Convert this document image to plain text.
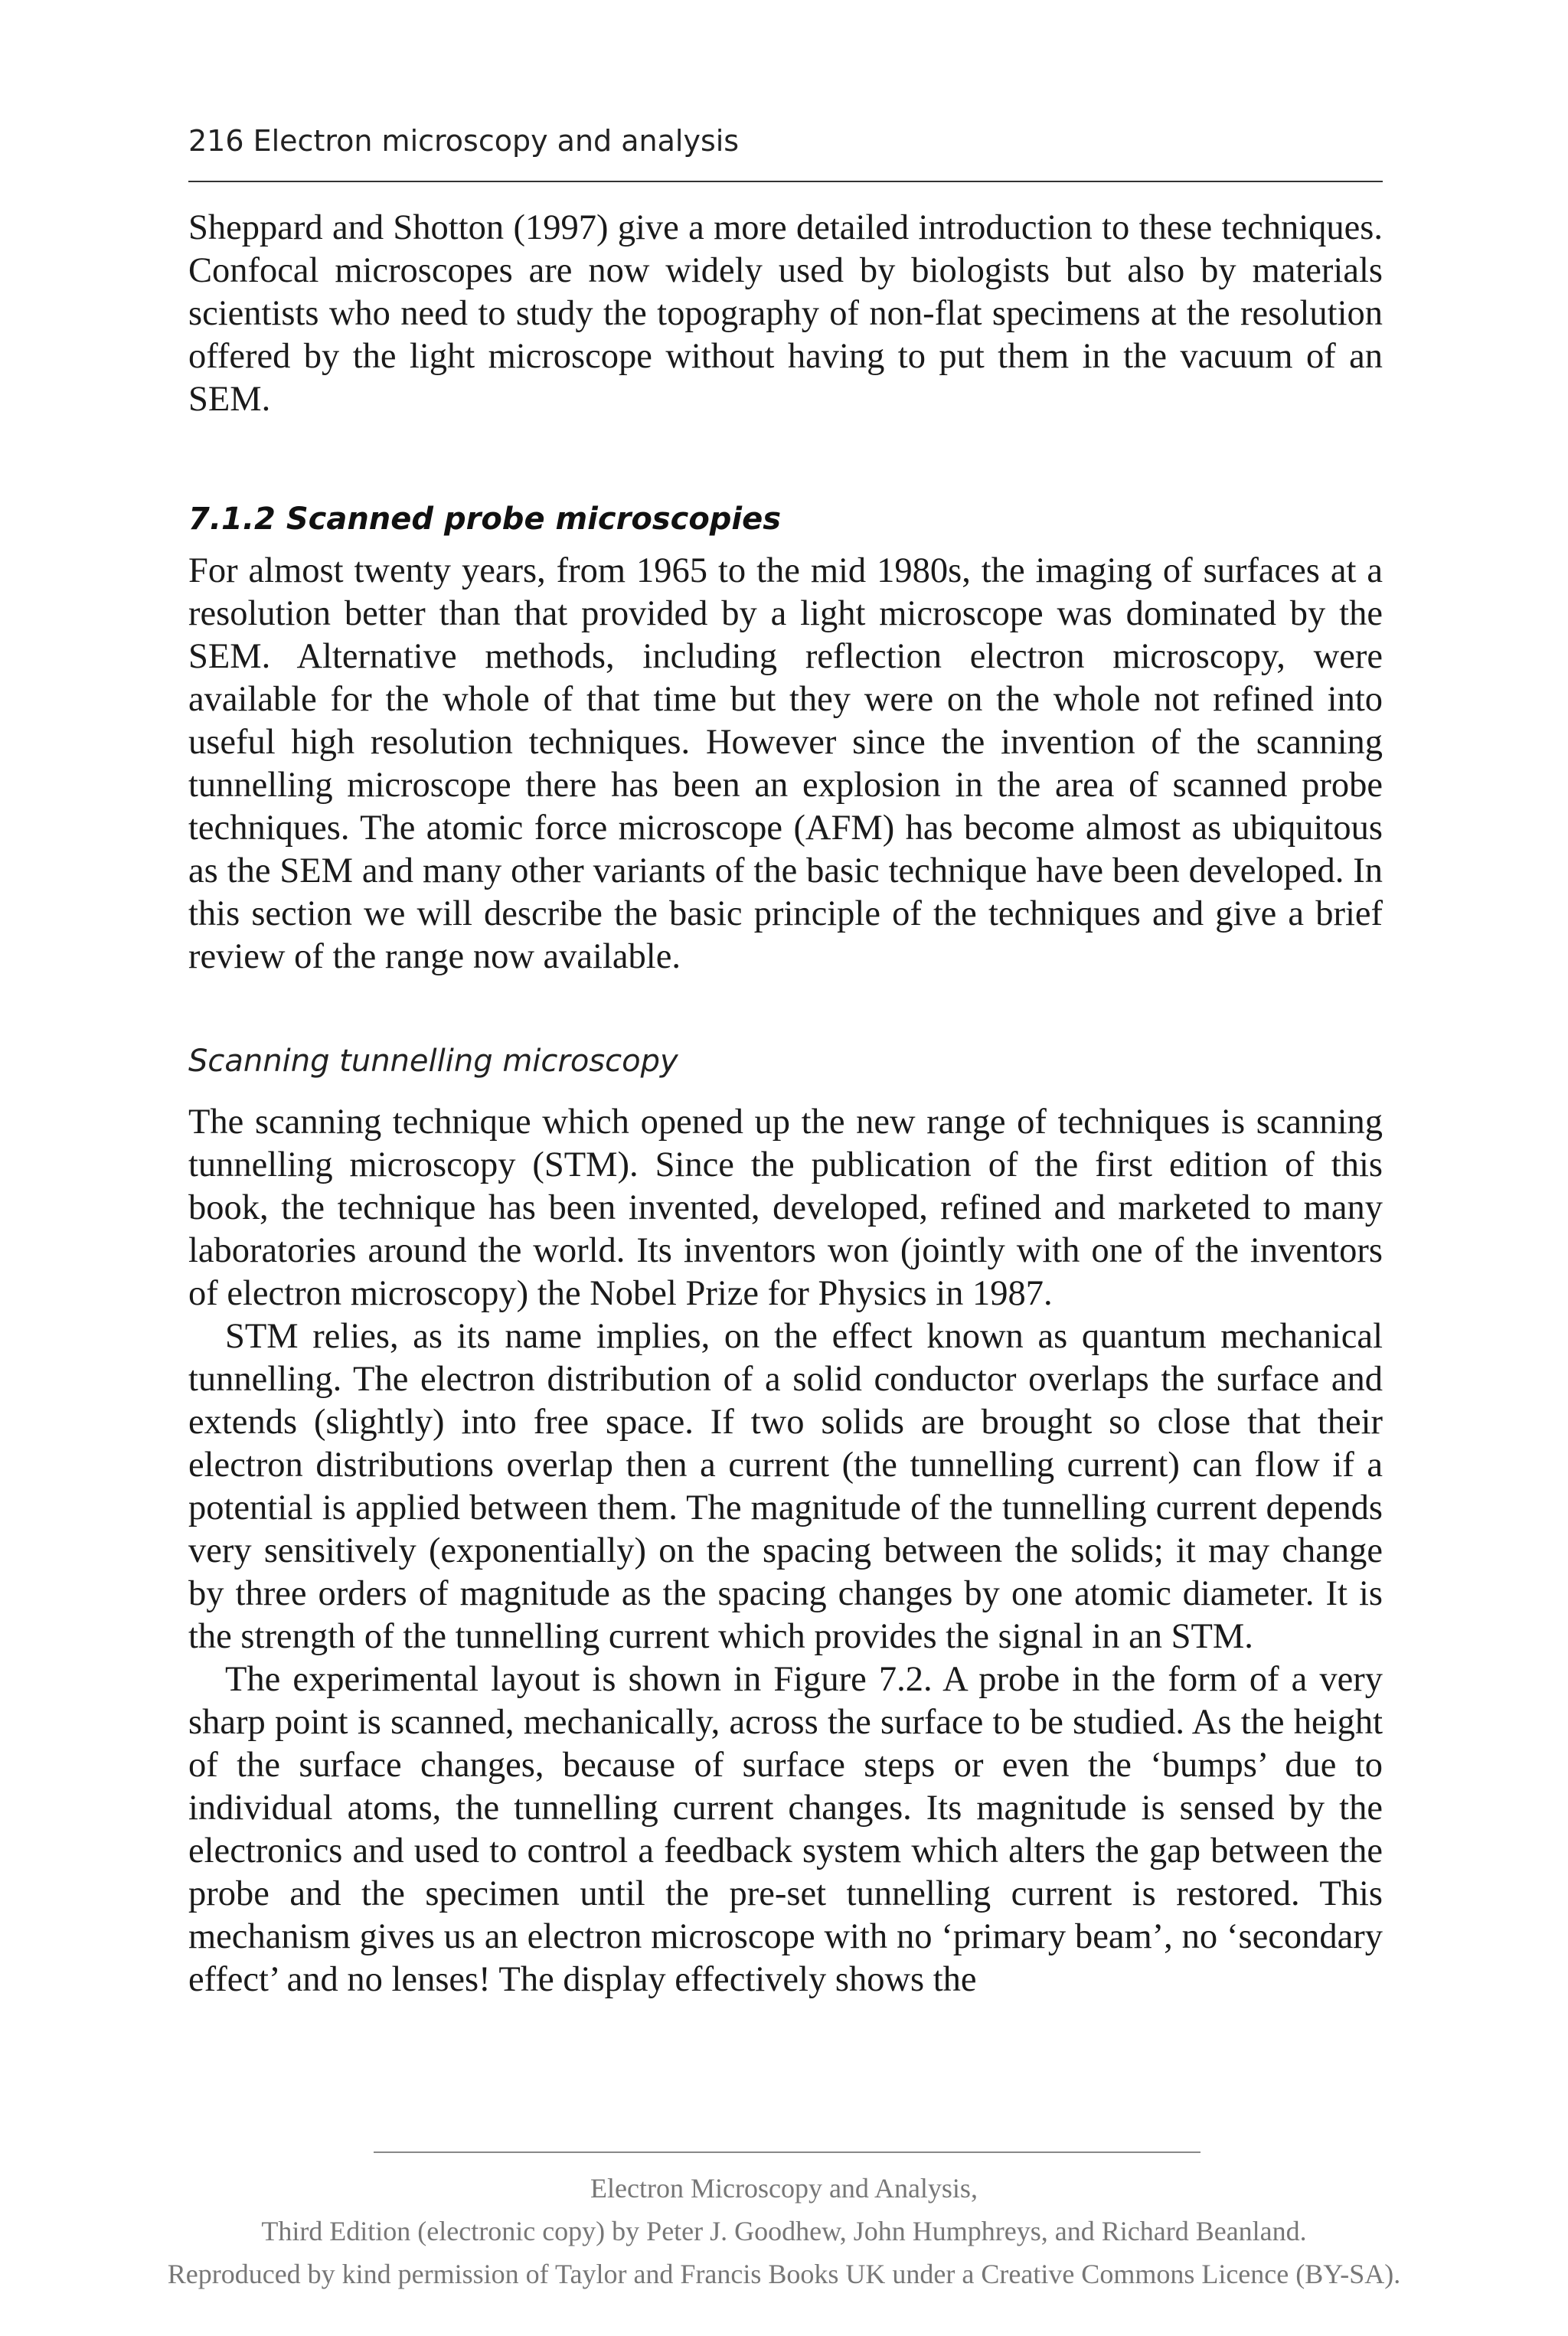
216 Electron microscopy and analysis

Sheppard and Shotton (1997) give a more detailed introduction to these techniques. Confocal microscopes are now widely used by biologists but also by materials scientists who need to study the topography of non-flat specimens at the resolution offered by the light microscope without having to put them in the vacuum of an SEM.

7.1.2 Scanned probe microscopies

For almost twenty years, from 1965 to the mid 1980s, the imaging of surfaces at a resolution better than that provided by a light microscope was dominated by the SEM. Alternative methods, including reflection electron microscopy, were available for the whole of that time but they were on the whole not refined into useful high resolution techniques. However since the invention of the scanning tunnelling microscope there has been an explosion in the area of scanned probe techniques. The atomic force microscope (AFM) has become almost as ubiquitous as the SEM and many other variants of the basic technique have been developed. In this section we will describe the basic principle of the techniques and give a brief review of the range now available.

Scanning tunnelling microscopy

The scanning technique which opened up the new range of techniques is scanning tunnelling microscopy (STM). Since the publication of the first edition of this book, the technique has been invented, developed, refined and marketed to many laboratories around the world. Its inventors won (jointly with one of the inventors of electron microscopy) the Nobel Prize for Physics in 1987.

STM relies, as its name implies, on the effect known as quantum mechanical tunnelling. The electron distribution of a solid conductor overlaps the surface and extends (slightly) into free space. If two solids are brought so close that their electron distributions overlap then a current (the tunnelling current) can flow if a potential is applied between them. The magnitude of the tunnelling current depends very sensitively (exponentially) on the spacing between the solids; it may change by three orders of magnitude as the spacing changes by one atomic diameter. It is the strength of the tunnelling current which provides the signal in an STM.

The experimental layout is shown in Figure 7.2. A probe in the form of a very sharp point is scanned, mechanically, across the surface to be studied. As the height of the surface changes, because of surface steps or even the ‘bumps’ due to individual atoms, the tunnelling current changes. Its magnitude is sensed by the electronics and used to control a feedback system which alters the gap between the probe and the specimen until the pre-set tunnelling current is restored. This mechanism gives us an electron microscope with no ‘primary beam’, no ‘secondary effect’ and no lenses! The display effectively shows the

Electron Microscopy and Analysis,
Third Edition (electronic copy) by Peter J. Goodhew, John Humphreys, and Richard Beanland.
Reproduced by kind permission of Taylor and Francis Books UK under a Creative Commons Licence (BY-SA).
